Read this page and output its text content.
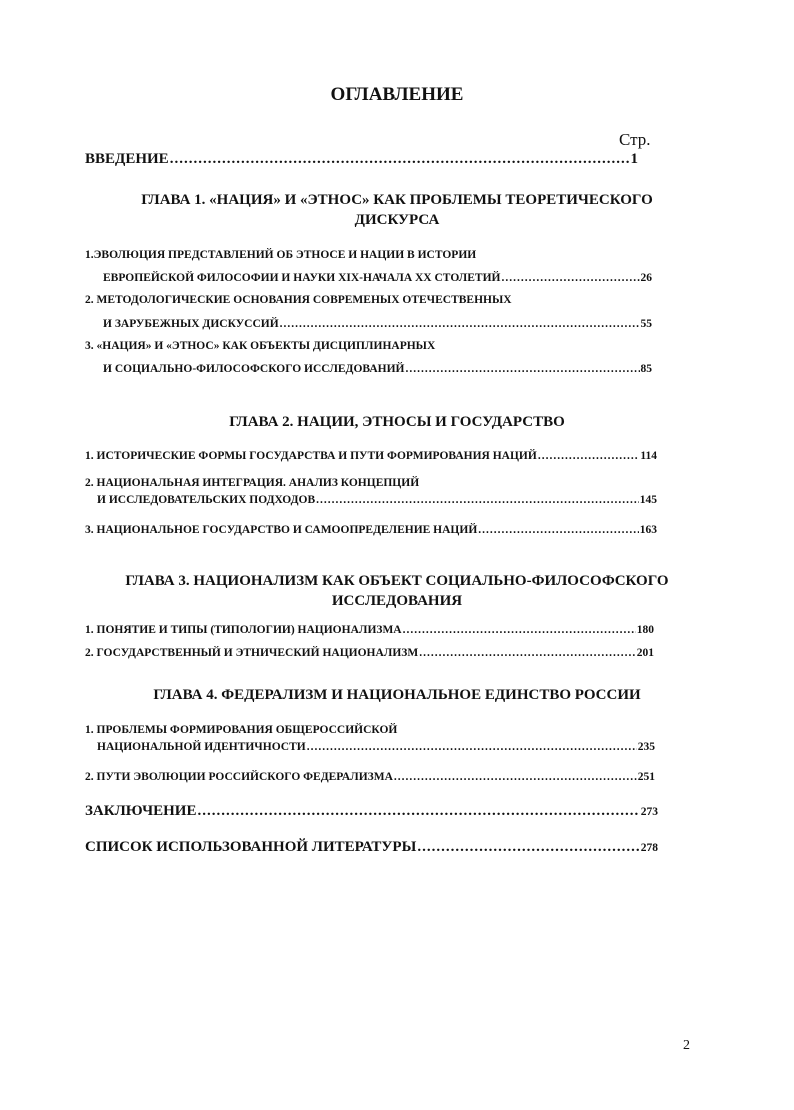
ОГЛАВЛЕНИЕ
Стр.
ВВЕДЕНИЕ .....	1
ГЛАВА 1. «НАЦИЯ» И «ЭТНОС» КАК ПРОБЛЕМЫ ТЕОРЕТИЧЕСКОГО
ДИСКУРСА
1.ЭВОЛЮЦИЯ ПРЕДСТАВЛЕНИЙ ОБ ЭТНОСЕ И НАЦИИ В ИСТОРИИ
ЕВРОПЕЙСКОЙ ФИЛОСОФИИ И НАУКИ XIX-НАЧАЛА XX СТОЛЕТИЙ .....	26
2. МЕТОДОЛОГИЧЕСКИЕ ОСНОВАНИЯ СОВРЕМЕНЫХ ОТЕЧЕСТВЕННЫХ
И ЗАРУБЕЖНЫХ ДИСКУССИЙ .....	55
3. «НАЦИЯ» И «ЭТНОС» КАК ОБЪЕКТЫ ДИСЦИПЛИНАРНЫХ
И СОЦИАЛЬНО-ФИЛОСОФСКОГО ИССЛЕДОВАНИЙ .....	85
ГЛАВА 2. НАЦИИ, ЭТНОСЫ И ГОСУДАРСТВО
1. ИСТОРИЧЕСКИЕ ФОРМЫ ГОСУДАРСТВА И ПУТИ ФОРМИРОВАНИЯ НАЦИЙ .....	114
2. НАЦИОНАЛЬНАЯ ИНТЕГРАЦИЯ. АНАЛИЗ КОНЦЕПЦИЙ
И ИССЛЕДОВАТЕЛЬСКИХ ПОДХОДОВ .....	145
3. НАЦИОНАЛЬНОЕ ГОСУДАРСТВО И САМООПРЕДЕЛЕНИЕ НАЦИЙ .....	163
ГЛАВА 3. НАЦИОНАЛИЗМ КАК ОБЪЕКТ СОЦИАЛЬНО-ФИЛОСОФСКОГО
ИССЛЕДОВАНИЯ
1. ПОНЯТИЕ И ТИПЫ (ТИПОЛОГИИ) НАЦИОНАЛИЗМА .....	180
2. ГОСУДАРСТВЕННЫЙ И ЭТНИЧЕСКИЙ НАЦИОНАЛИЗМ .....	201
ГЛАВА 4. ФЕДЕРАЛИЗМ И НАЦИОНАЛЬНОЕ ЕДИНСТВО РОССИИ
1. ПРОБЛЕМЫ ФОРМИРОВАНИЯ ОБЩЕРОССИЙСКОЙ
НАЦИОНАЛЬНОЙ ИДЕНТИЧНОСТИ .....	235
2. ПУТИ ЭВОЛЮЦИИ РОССИЙСКОГО ФЕДЕРАЛИЗМА .....	251
ЗАКЛЮЧЕНИЕ .....	273
СПИСОК ИСПОЛЬЗОВАННОЙ ЛИТЕРАТУРЫ .....	278
2
